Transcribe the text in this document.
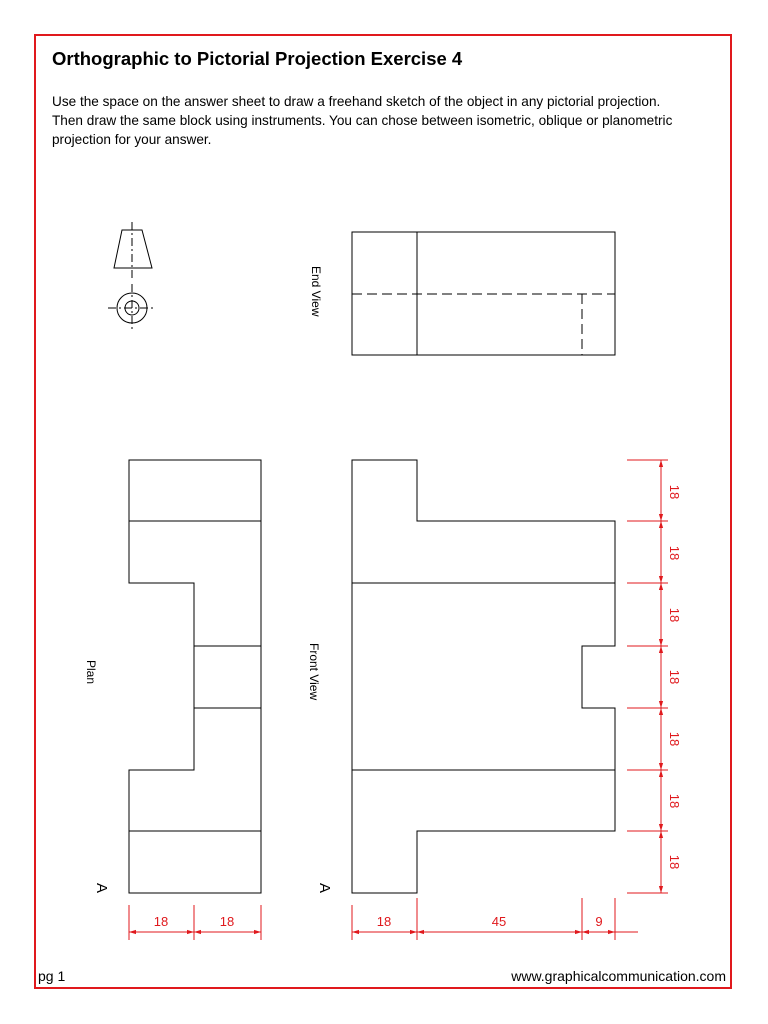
Orthographic to Pictorial Projection Exercise 4
Use the space on the answer sheet to draw a freehand sketch of the object in any pictorial projection. Then draw the same block using instruments. You can chose between isometric, oblique or planometric projection for your answer.
End View
Plan	Front View
A	A
18	18	18	45	9
18
18
18
18
18
18
18
pg 1	www.graphicalcommunication.com
